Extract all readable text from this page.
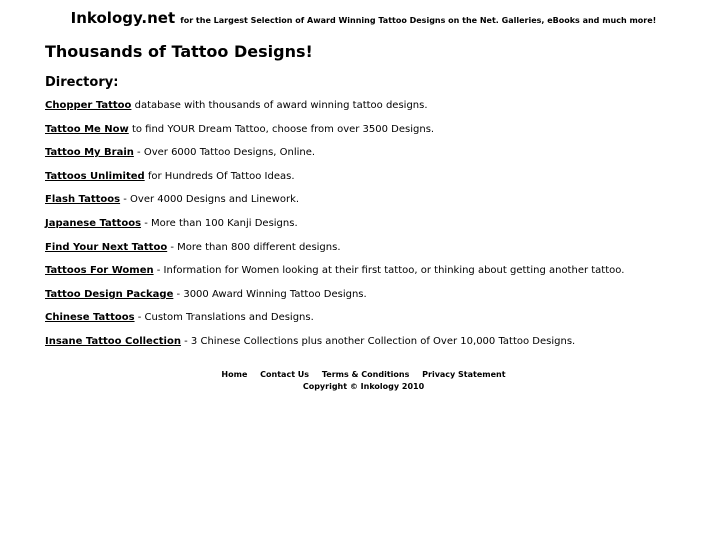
Inkology.net for the Largest Selection of Award Winning Tattoo Designs on the Net. Galleries, eBooks and much more!
Thousands of Tattoo Designs!
Directory:
Chopper Tattoo database with thousands of award winning tattoo designs.
Tattoo Me Now to find YOUR Dream Tattoo, choose from over 3500 Designs.
Tattoo My Brain - Over 6000 Tattoo Designs, Online.
Tattoos Unlimited for Hundreds Of Tattoo Ideas.
Flash Tattoos - Over 4000 Designs and Linework.
Japanese Tattoos - More than 100 Kanji Designs.
Find Your Next Tattoo - More than 800 different designs.
Tattoos For Women - Information for Women looking at their first tattoo, or thinking about getting another tattoo.
Tattoo Design Package - 3000 Award Winning Tattoo Designs.
Chinese Tattoos - Custom Translations and Designs.
Insane Tattoo Collection - 3 Chinese Collections plus another Collection of Over 10,000 Tattoo Designs.
Home Contact Us Terms & Conditions Privacy Statement
Copyright © Inkology 2010
